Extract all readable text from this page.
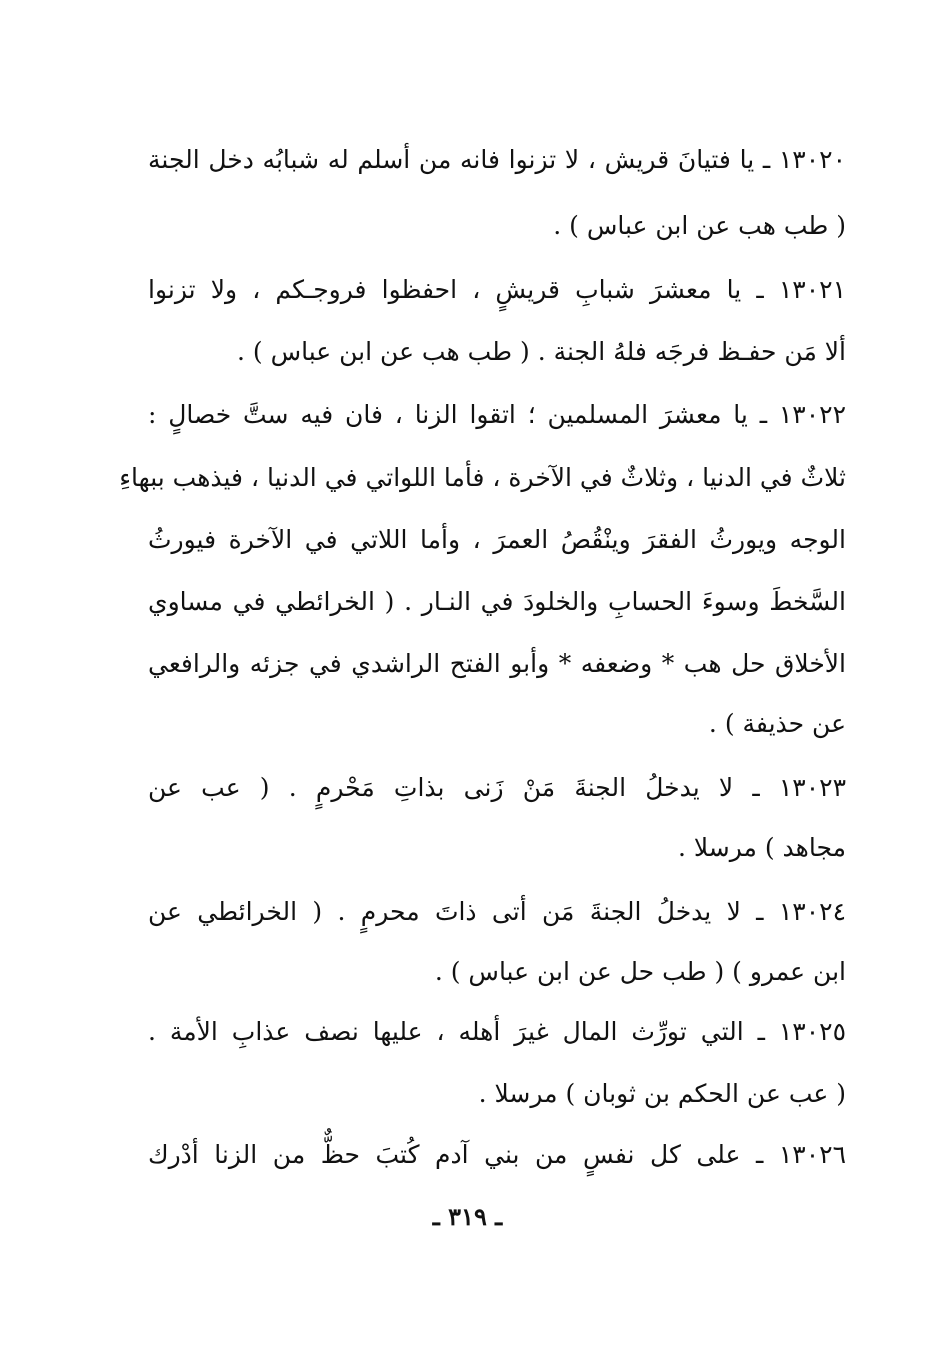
١٣٠٢٠ ـ يا فتيانَ قريش ، لا تزنوا فانه من أسلم له شبابُه دخل الجنة
( طب هب عن ابن عباس ) .
١٣٠٢١ ـ يا معشرَ شبابِ قريشٍ ، احفظوا فروجـكم ، ولا تزنوا
ألا مَن حفـظ فرجَه فلهُ الجنة . ( طب هب عن ابن عباس ) .
١٣٠٢٢ ـ يا معشرَ المسلمين ؛ اتقوا الزنا ، فان فيه ستَّ خصالٍ :
ثلاثٌ في الدنيا ، وثلاثٌ في الآخرة ، فأما اللواتي في الدنيا ، فيذهب ببهاءِ
الوجه ويورثُ الفقرَ وينْقُصُ العمرَ ، وأما اللاتي في الآخرة فيورثُ
السَّخطَ وسوءَ الحسابِ والخلودَ في النـار . ( الخرائطي في مساوي
الأخلاق حل هب * وضعفه * وأبو الفتح الراشدي في جزئه والرافعي
عن حذيفة ) .
١٣٠٢٣ ـ لا يدخلُ الجنةَ مَنْ زَنى بذاتِ مَحْرمٍ . ( عب عن
مجاهد ) مرسلا .
١٣٠٢٤ ـ لا يدخلُ الجنةَ مَن أتى ذاتَ محرمٍ . ( الخرائطي عن
ابن عمرو ) ( طب حل عن ابن عباس ) .
١٣٠٢٥ ـ التي تورِّث المال غيرَ أهله ، عليها نصف عذابِ الأمة .
( عب عن الحكم بن ثوبان ) مرسلا .
١٣٠٢٦ ـ على كل نفسٍ من بني آدم كُتبَ حظٌّ من الزنا أدْرك
ـ ٣١٩ ـ
